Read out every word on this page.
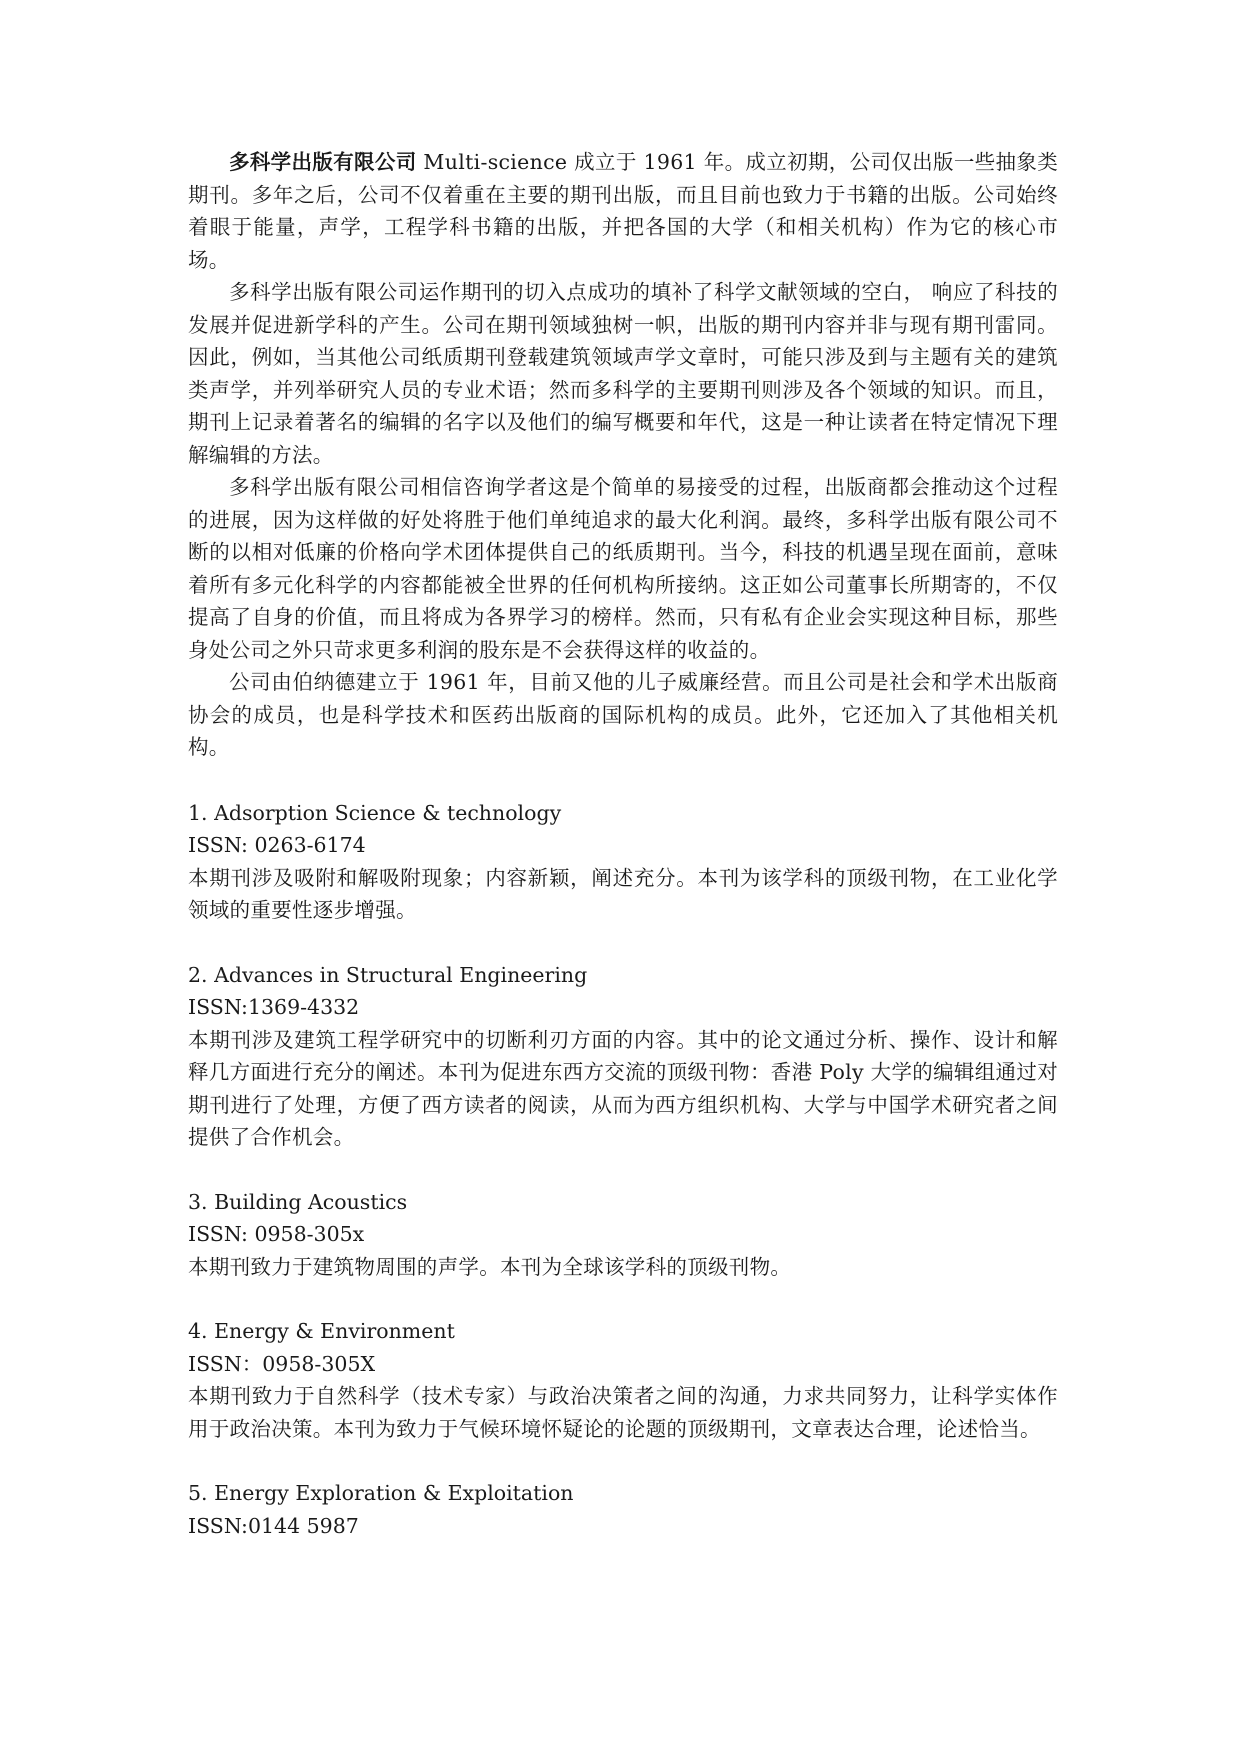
多科学出版有限公司 Multi-science 成立于 1961 年。成立初期，公司仅出版一些抽象类期刊。多年之后，公司不仅着重在主要的期刊出版，而且目前也致力于书籍的出版。公司始终着眼于能量，声学，工程学科书籍的出版，并把各国的大学（和相关机构）作为它的核心市场。

多科学出版有限公司运作期刊的切入点成功的填补了科学文献领域的空白， 响应了科技的发展并促进新学科的产生。公司在期刊领域独树一帜，出版的期刊内容并非与现有期刊雷同。因此，例如，当其他公司纸质期刊登载建筑领域声学文章时，可能只涉及到与主题有关的建筑类声学，并列举研究人员的专业术语；然而多科学的主要期刊则涉及各个领域的知识。而且，期刊上记录着著名的编辑的名字以及他们的编写概要和年代，这是一种让读者在特定情况下理解编辑的方法。

多科学出版有限公司相信咨询学者这是个简单的易接受的过程，出版商都会推动这个过程的进展，因为这样做的好处将胜于他们单纯追求的最大化利润。最终，多科学出版有限公司不断的以相对低廉的价格向学术团体提供自己的纸质期刊。当今，科技的机遇呈现在面前，意味着所有多元化科学的内容都能被全世界的任何机构所接纳。这正如公司董事长所期寄的，不仅提高了自身的价值，而且将成为各界学习的榜样。然而，只有私有企业会实现这种目标，那些身处公司之外只苛求更多利润的股东是不会获得这样的收益的。

公司由伯纳德建立于 1961 年，目前又他的儿子威廉经营。而且公司是社会和学术出版商协会的成员，也是科学技术和医药出版商的国际机构的成员。此外，它还加入了其他相关机构。

1. Adsorption Science & technology
ISSN: 0263-6174

本期刊涉及吸附和解吸附现象；内容新颖，阐述充分。本刊为该学科的顶级刊物，在工业化学领域的重要性逐步增强。

2. Advances in Structural Engineering
ISSN:1369-4332

本期刊涉及建筑工程学研究中的切断利刃方面的内容。其中的论文通过分析、操作、设计和解释几方面进行充分的阐述。本刊为促进东西方交流的顶级刊物：香港 Poly 大学的编辑组通过对期刊进行了处理，方便了西方读者的阅读，从而为西方组织机构、大学与中国学术研究者之间提供了合作机会。

3. Building Acoustics
ISSN: 0958-305x

本期刊致力于建筑物周围的声学。本刊为全球该学科的顶级刊物。

4. Energy & Environment
ISSN：0958-305X

本期刊致力于自然科学（技术专家）与政治决策者之间的沟通，力求共同努力，让科学实体作用于政治决策。本刊为致力于气候环境怀疑论的论题的顶级期刊，文章表达合理，论述恰当。

5. Energy Exploration & Exploitation
ISSN:0144 5987
